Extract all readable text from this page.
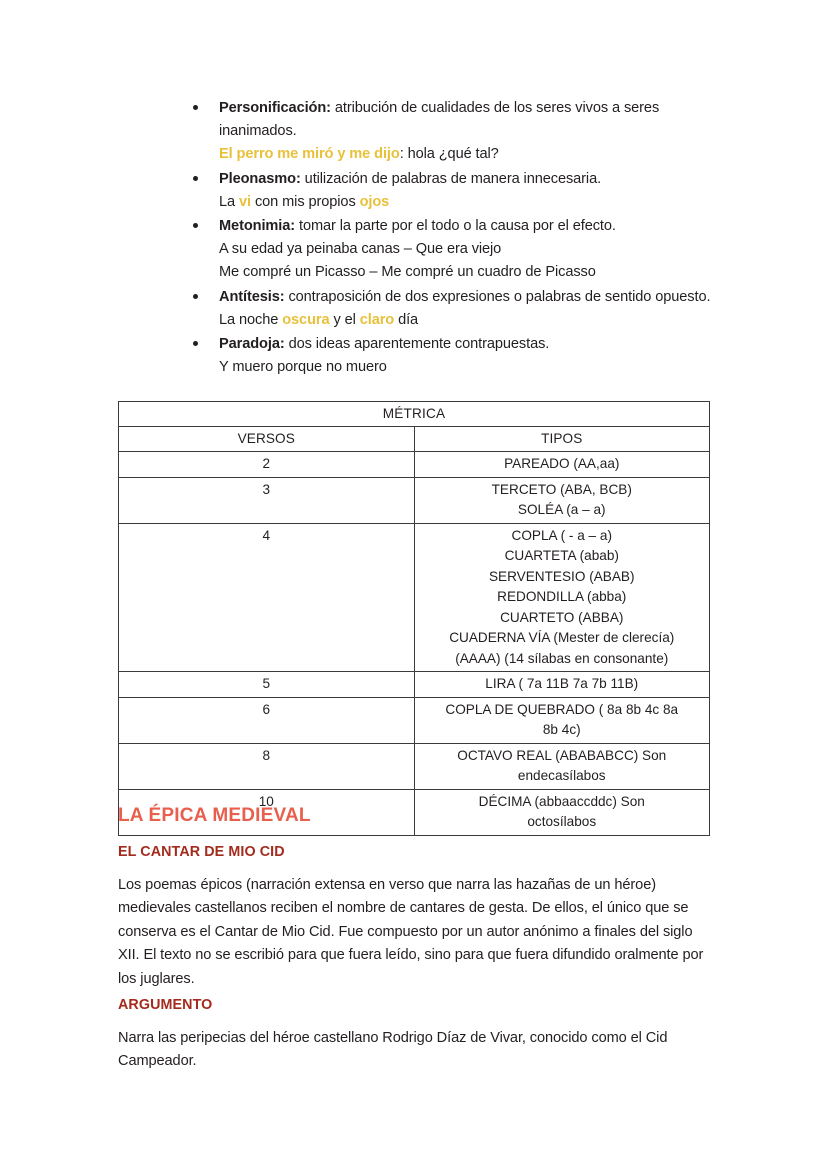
Personificación: atribución de cualidades de los seres vivos a seres inanimados.
El perro me miró y me dijo: hola ¿qué tal?
Pleonasmo: utilización de palabras de manera innecesaria.
La vi con mis propios ojos
Metonimia: tomar la parte por el todo o la causa por el efecto.
A su edad ya peinaba canas – Que era viejo
Me compré un Picasso – Me compré un cuadro de Picasso
Antítesis: contraposición de dos expresiones o palabras de sentido opuesto.
La noche oscura y el claro día
Paradoja: dos ideas aparentemente contrapuestas.
Y muero porque no muero
MÉTRICA	
VERSOS	TIPOS
2	PAREADO (AA,aa)

3	TERCETO (ABA, BCB)
SOLÉA (a – a)

4	COPLA ( - a – a)
CUARTETA (abab)
SERVENTESIO (ABAB)
REDONDILLA (abba)
CUARTETO (ABBA)
CUADERNA VÍA (Mester de clerecía)
(AAAA) (14 sílabas en consonante)

5	LIRA ( 7a 11B 7a 7b 11B)

6	COPLA DE QUEBRADO ( 8a 8b 4c 8a
8b 4c)

8	OCTAVO REAL (ABABABCC) Son
endecasílabos

10	DÉCIMA (abbaaccddc) Son
octosílabos
LA ÉPICA MEDIEVAL
EL CANTAR DE MIO CID
Los poemas épicos (narración extensa en verso que narra las hazañas de un héroe) medievales castellanos reciben el nombre de cantares de gesta. De ellos, el único que se conserva es el Cantar de Mio Cid. Fue compuesto por un autor anónimo a finales del siglo XII. El texto no se escribió para que fuera leído, sino para que fuera difundido oralmente por los juglares.
ARGUMENTO
Narra las peripecias del héroe castellano Rodrigo Díaz de Vivar, conocido como el Cid Campeador.
